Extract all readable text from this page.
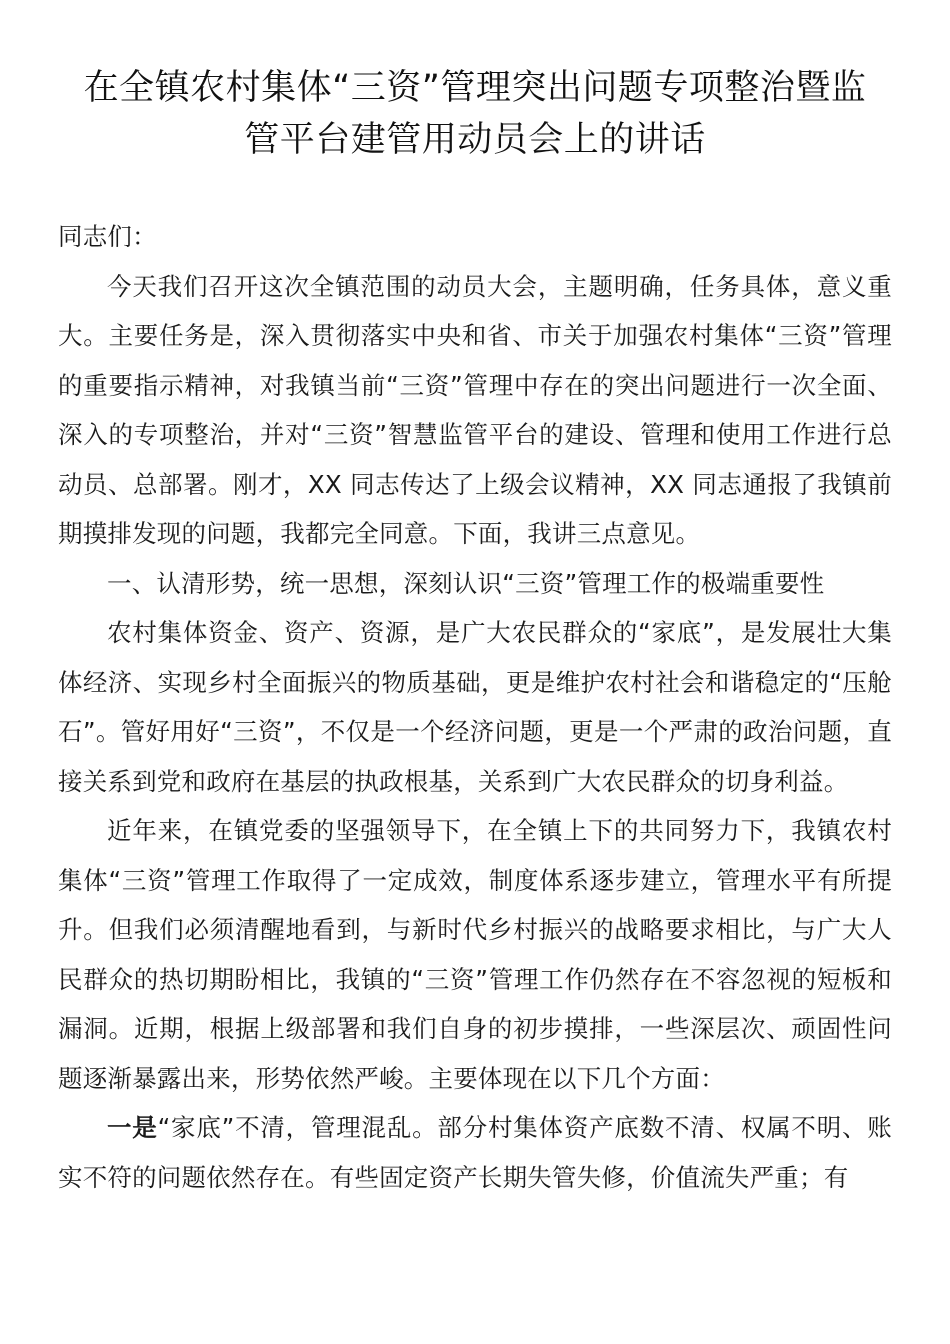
在全镇农村集体“三资”管理突出问题专项整治暨监
管平台建管用动员会上的讲话

同志们：

今天我们召开这次全镇范围的动员大会，主题明确，任务具体，意义重大。主要任务是，深入贯彻落实中央和省、市关于加强农村集体“三资”管理的重要指示精神，对我镇当前“三资”管理中存在的突出问题进行一次全面、深入的专项整治，并对“三资”智慧监管平台的建设、管理和使用工作进行总动员、总部署。刚才，XX 同志传达了上级会议精神，XX 同志通报了我镇前期摸排发现的问题，我都完全同意。下面，我讲三点意见。

一、认清形势，统一思想，深刻认识“三资”管理工作的极端重要性

农村集体资金、资产、资源，是广大农民群众的“家底”，是发展壮大集体经济、实现乡村全面振兴的物质基础，更是维护农村社会和谐稳定的“压舱石”。管好用好“三资”，不仅是一个经济问题，更是一个严肃的政治问题，直接关系到党和政府在基层的执政根基，关系到广大农民群众的切身利益。

近年来，在镇党委的坚强领导下，在全镇上下的共同努力下，我镇农村集体“三资”管理工作取得了一定成效，制度体系逐步建立，管理水平有所提升。但我们必须清醒地看到，与新时代乡村振兴的战略要求相比，与广大人民群众的热切期盼相比，我镇的“三资”管理工作仍然存在不容忽视的短板和漏洞。近期，根据上级部署和我们自身的初步摸排，一些深层次、顽固性问题逐渐暴露出来，形势依然严峻。主要体现在以下几个方面：

一是“家底”不清，管理混乱。部分村集体资产底数不清、权属不明、账实不符的问题依然存在。有些固定资产长期失管失修，价值流失严重；有
